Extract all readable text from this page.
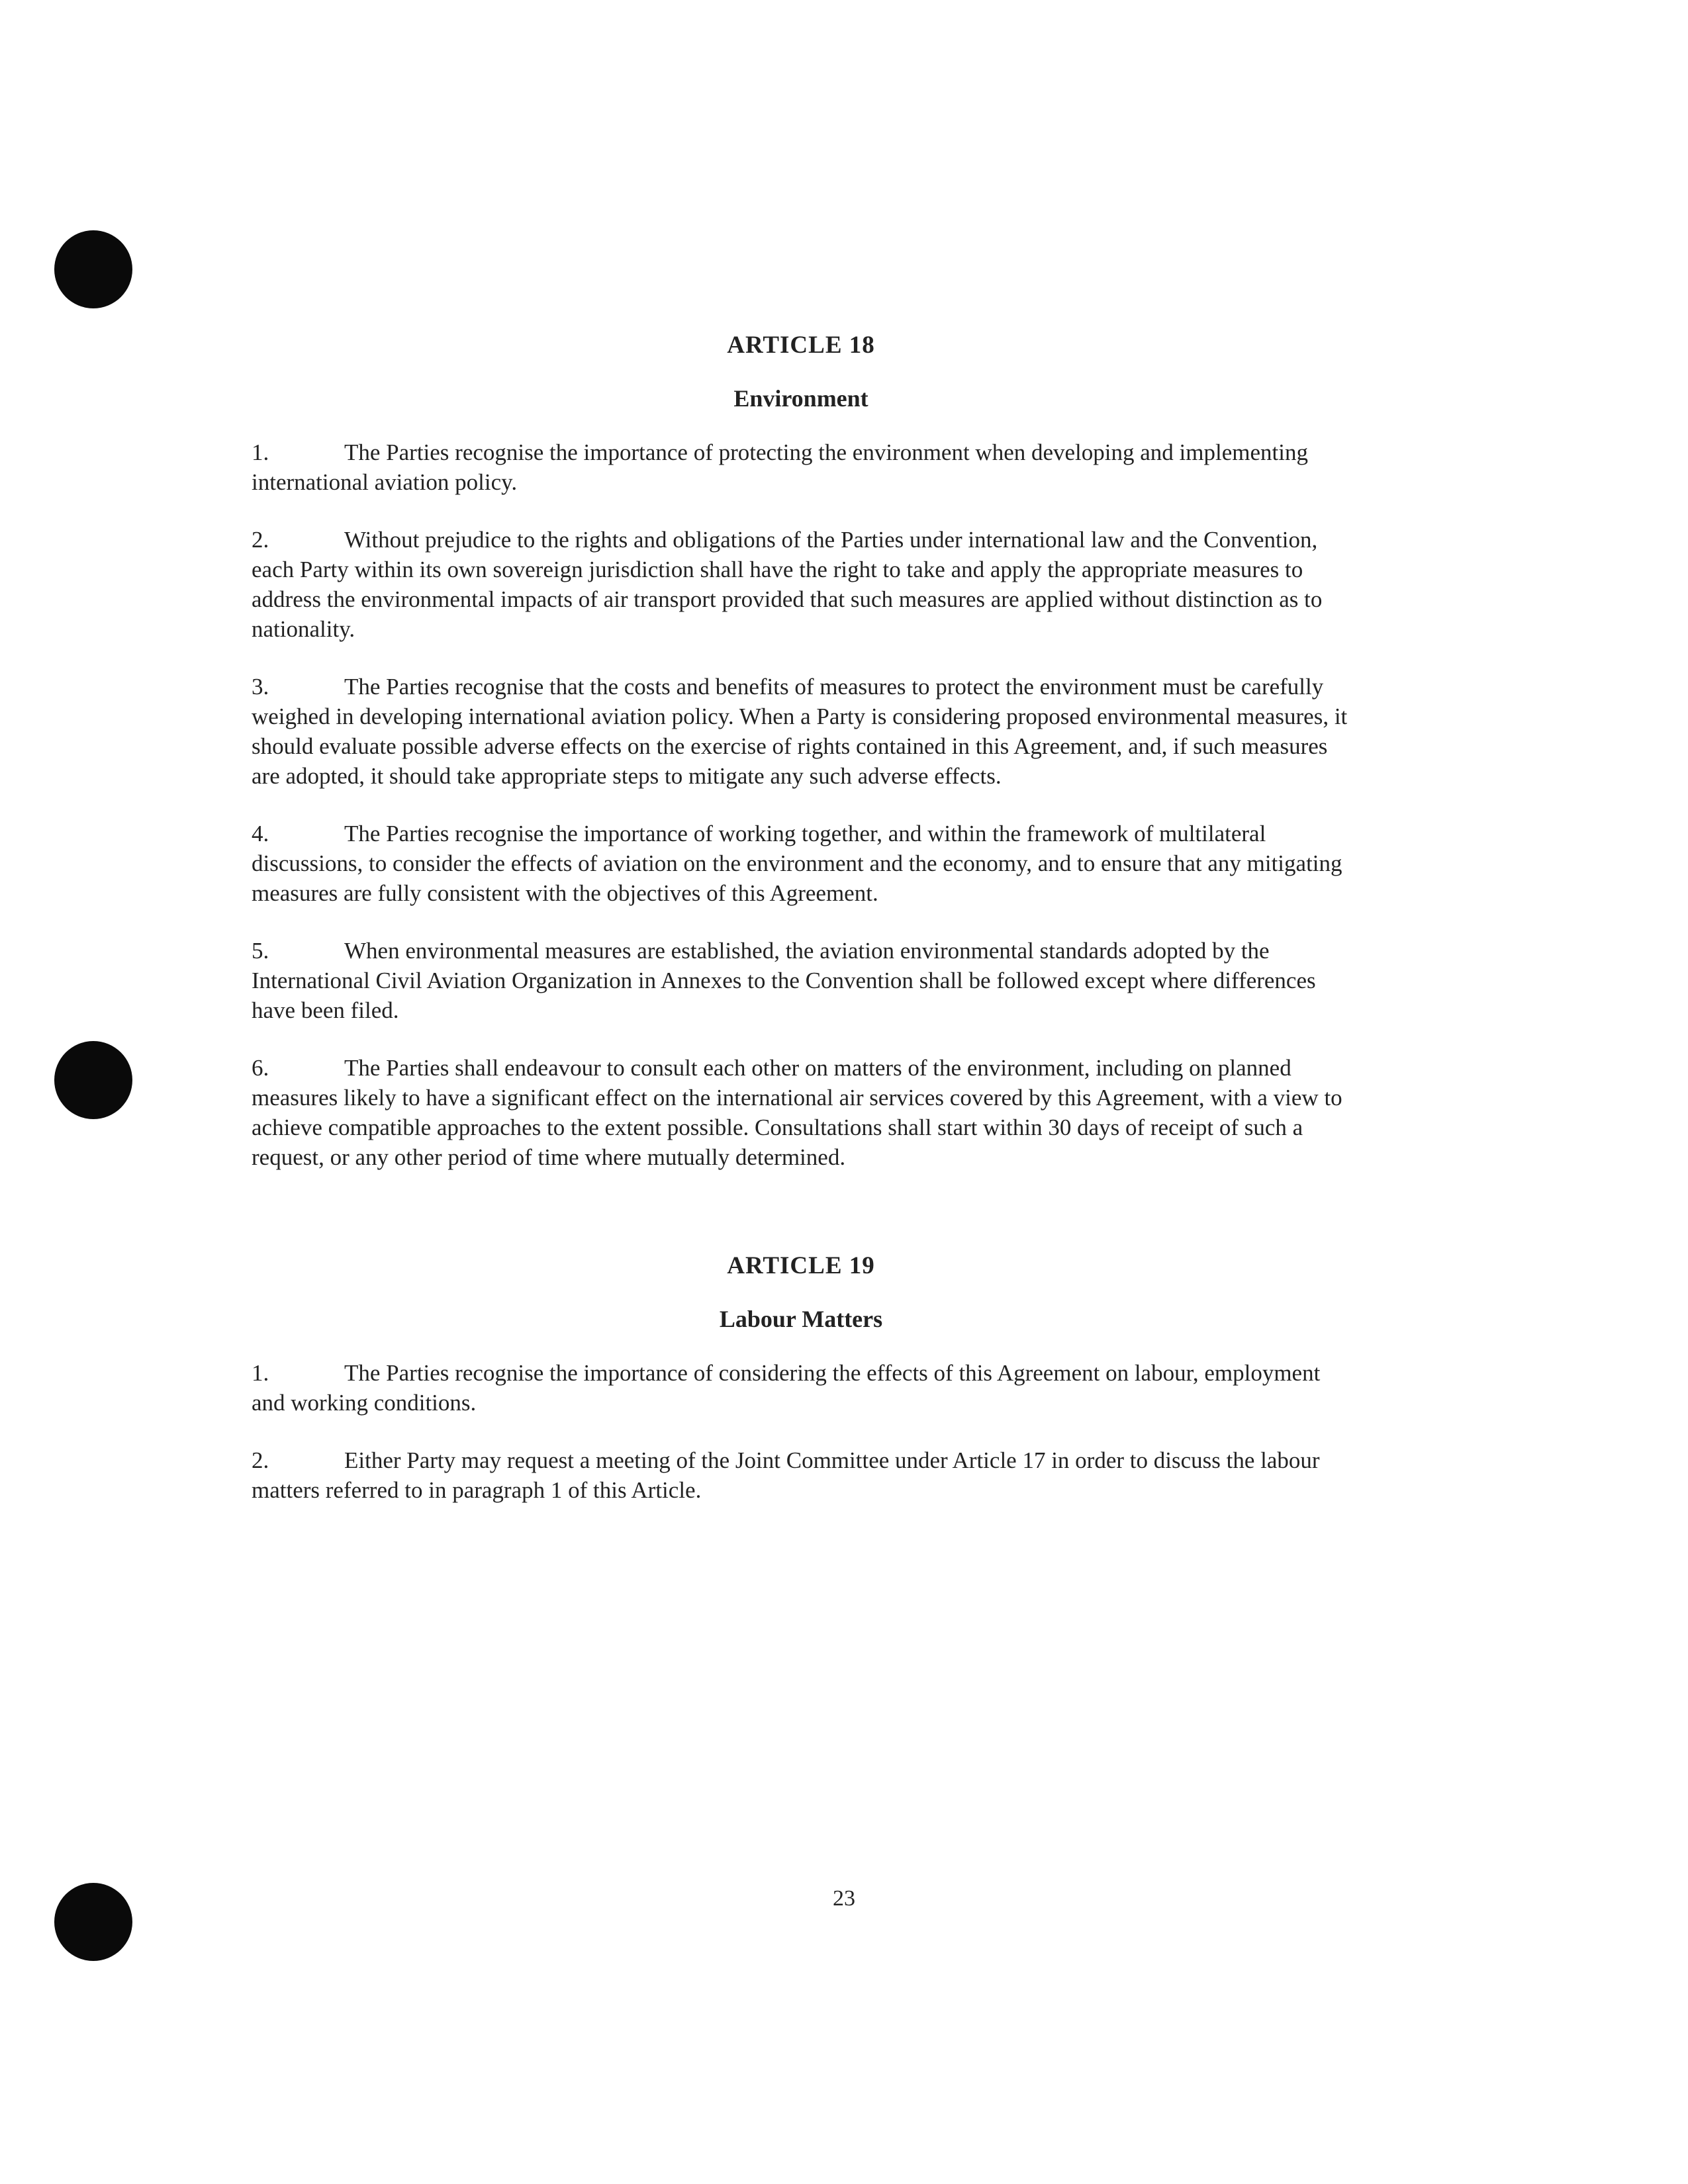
ARTICLE 18
Environment

1.	The Parties recognise the importance of protecting the environment when developing and implementing international aviation policy.

2.	Without prejudice to the rights and obligations of the Parties under international law and the Convention, each Party within its own sovereign jurisdiction shall have the right to take and apply the appropriate measures to address the environmental impacts of air transport provided that such measures are applied without distinction as to nationality.

3.	The Parties recognise that the costs and benefits of measures to protect the environment must be carefully weighed in developing international aviation policy. When a Party is considering proposed environmental measures, it should evaluate possible adverse effects on the exercise of rights contained in this Agreement, and, if such measures are adopted, it should take appropriate steps to mitigate any such adverse effects.

4.	The Parties recognise the importance of working together, and within the framework of multilateral discussions, to consider the effects of aviation on the environment and the economy, and to ensure that any mitigating measures are fully consistent with the objectives of this Agreement.

5.	When environmental measures are established, the aviation environmental standards adopted by the International Civil Aviation Organization in Annexes to the Convention shall be followed except where differences have been filed.

6.	The Parties shall endeavour to consult each other on matters of the environment, including on planned measures likely to have a significant effect on the international air services covered by this Agreement, with a view to achieve compatible approaches to the extent possible. Consultations shall start within 30 days of receipt of such a request, or any other period of time where mutually determined.

ARTICLE 19
Labour Matters

1.	The Parties recognise the importance of considering the effects of this Agreement on labour, employment and working conditions.

2.	Either Party may request a meeting of the Joint Committee under Article 17 in order to discuss the labour matters referred to in paragraph 1 of this Article.

23
